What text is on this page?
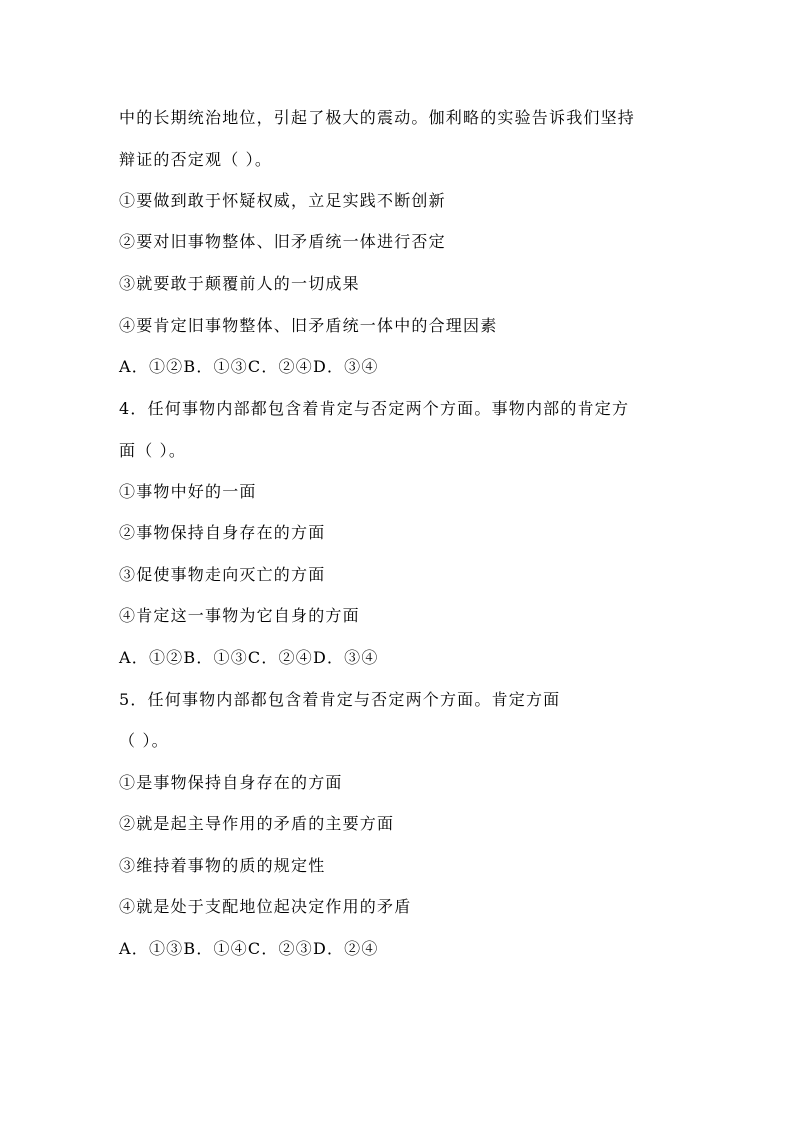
中的长期统治地位，引起了极大的震动。伽利略的实验告诉我们坚持
辩证的否定观（ ）。
①要做到敢于怀疑权威，立足实践不断创新
②要对旧事物整体、旧矛盾统一体进行否定
③就要敢于颠覆前人的一切成果
④要肯定旧事物整体、旧矛盾统一体中的合理因素
A．①②B．①③C．②④D．③④
4．任何事物内部都包含着肯定与否定两个方面。事物内部的肯定方
面（ ）。
①事物中好的一面
②事物保持自身存在的方面
③促使事物走向灭亡的方面
④肯定这一事物为它自身的方面
A．①②B．①③C．②④D．③④
5．任何事物内部都包含着肯定与否定两个方面。肯定方面
（ ）。
①是事物保持自身存在的方面
②就是起主导作用的矛盾的主要方面
③维持着事物的质的规定性
④就是处于支配地位起决定作用的矛盾
A．①③B．①④C．②③D．②④
